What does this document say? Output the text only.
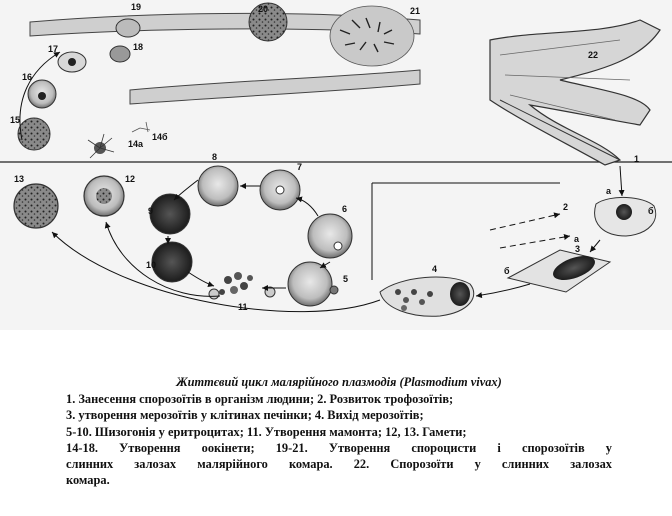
1
2
3
4
5
6
7
8
9
10
11
12
13
14a
14б
15
16
17	18
19	20	21
22
а
б
а
б
Життєвий цикл малярійного плазмодія (Plasmodium vivax)
1. Занесення спорозоїтів в організм людини; 2. Розвиток трофозоїтів;
3. утворення мерозоїтів у клітинах печінки; 4. Вихід мерозоїтів;
5-10. Шизогонія у еритроцитах; 11. Утворення мамонта; 12, 13. Гамети;
14-18. Утворення оокінети; 19-21. Утворення спороцисти і спорозоїтів у
слинних залозах малярійного комара. 22. Спорозоїти у слинних залозах
комара.
